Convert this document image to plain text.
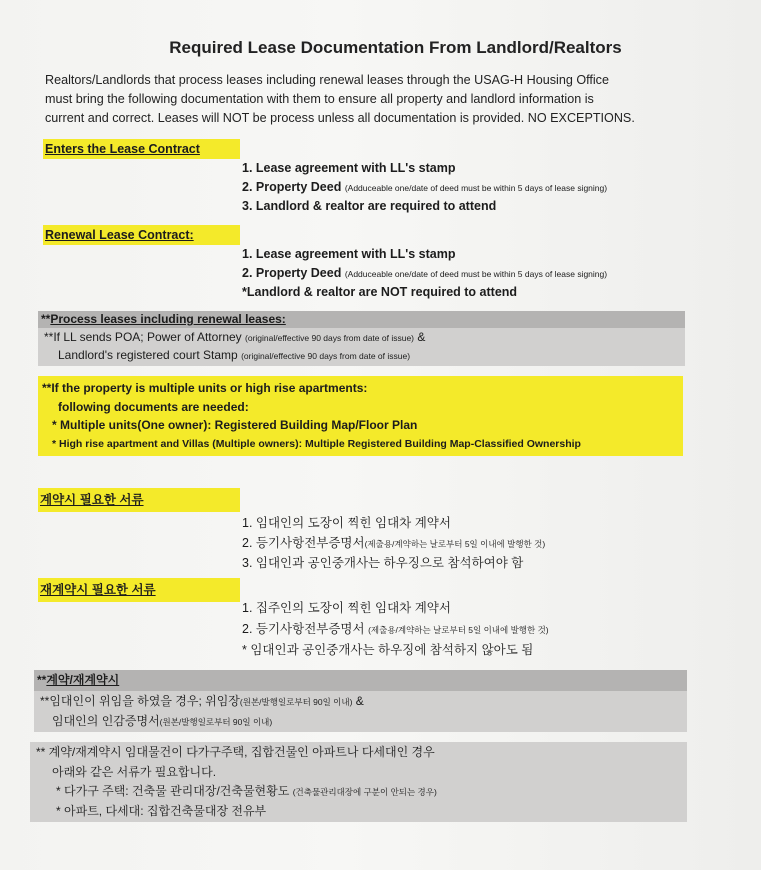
Required Lease Documentation From Landlord/Realtors
Realtors/Landlords that process leases including renewal leases through the USAG-H Housing Office
must bring the following documentation with them to ensure all property and landlord information is
current and correct. Leases will NOT be process unless all documentation is provided. NO EXCEPTIONS.
Enters the Lease Contract
1. Lease agreement with LL's stamp
2. Property Deed (Adduceable one/date of deed must be within 5 days of lease signing)
3. Landlord & realtor are required to attend
Renewal Lease Contract:
1. Lease agreement with LL's stamp
2. Property Deed (Adduceable one/date of deed must be within 5 days of lease signing)
*Landlord & realtor are NOT required to attend
**Process leases including renewal leases:
**If LL sends POA; Power of Attorney (original/effective 90 days from date of issue) &
Landlord's registered court Stamp (original/effective 90 days from date of issue)
**If the property is multiple units or high rise apartments:
following documents are needed:
* Multiple units(One owner): Registered Building Map/Floor Plan
* High rise apartment and Villas (Multiple owners): Multiple Registered Building Map-Classified Ownership
계약시 필요한 서류
1. 임대인의 도장이 찍힌 임대차 계약서
2. 등기사항전부증명서(제출용/계약하는 날로부터 5일 이내에 발행한 것)
3. 임대인과 공인중개사는 하우징으로 참석하여야 함
재계약시 필요한 서류
1. 집주인의 도장이 찍힌 임대차 계약서
2. 등기사항전부증명서 (제출용/계약하는 날로부터 5일 이내에 발행한 것)
* 임대인과 공인중개사는 하우징에 참석하지 않아도 됨
**계약/재계약시
**임대인이 위임을 하였을 경우; 위임장(원본/발행일로부터 90일 이내) &
임대인의 인감증명서(원본/발행일로부터 90일 이내)
** 계약/재계약시 임대물건이 다가구주택, 집합건물인 아파트나 다세대인 경우
아래와 같은 서류가 필요합니다.
* 다가구 주택: 건축물 관리대장/건축물현황도 (건축물관리대장에 구분이 안되는 경우)
* 아파트, 다세대: 집합건축물대장 전유부
